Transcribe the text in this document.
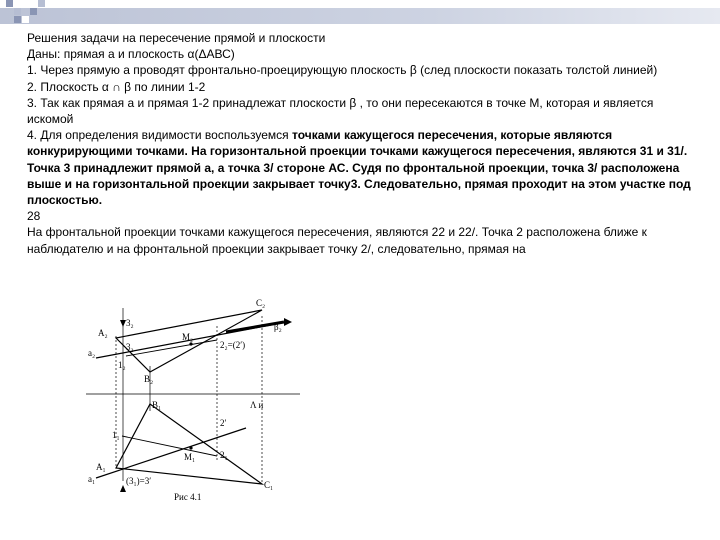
Решения задачи на пересечение прямой и плоскости

Даны: прямая а и плоскость α(ΔАВС)

1. Через прямую а проводят фронтально-проецирующую плоскость β (след плоскости показать толстой линией)

2. Плоскость α ∩ β по линии 1-2

3. Так как прямая а и прямая 1-2 принадлежат плоскости β , то они пересекаются в точке М, которая и является искомой

4. Для определения видимости воспользуемся точками кажущегося пересечения, которые являются конкурирующими точками. На горизонтальной проекции точками кажущегося пересечения, являются 31 и 31/. Точка 3 принадлежит прямой а, а точка 3/ стороне АС. Судя по фронтальной проекции, точка 3/ расположена выше и на горизонтальной проекции закрывает точку3. Следовательно, прямая проходит на этом участке под плоскостью.

28

На фронтальной проекции точками кажущегося пересечения, являются 22 и 22/. Точка 2 расположена ближе к наблюдателю и на фронтальной проекции закрывает точку 2/, следовательно, прямая на

C₂
A₂
3₂
M₂
β₂
a₂
3₂	2₂=(2′)
1₂
B₂
Λ и
B₁
1₁
2′
2₁
M₁
A₁
a₁	(3₁)=3′	C₁
Рис 4.1
